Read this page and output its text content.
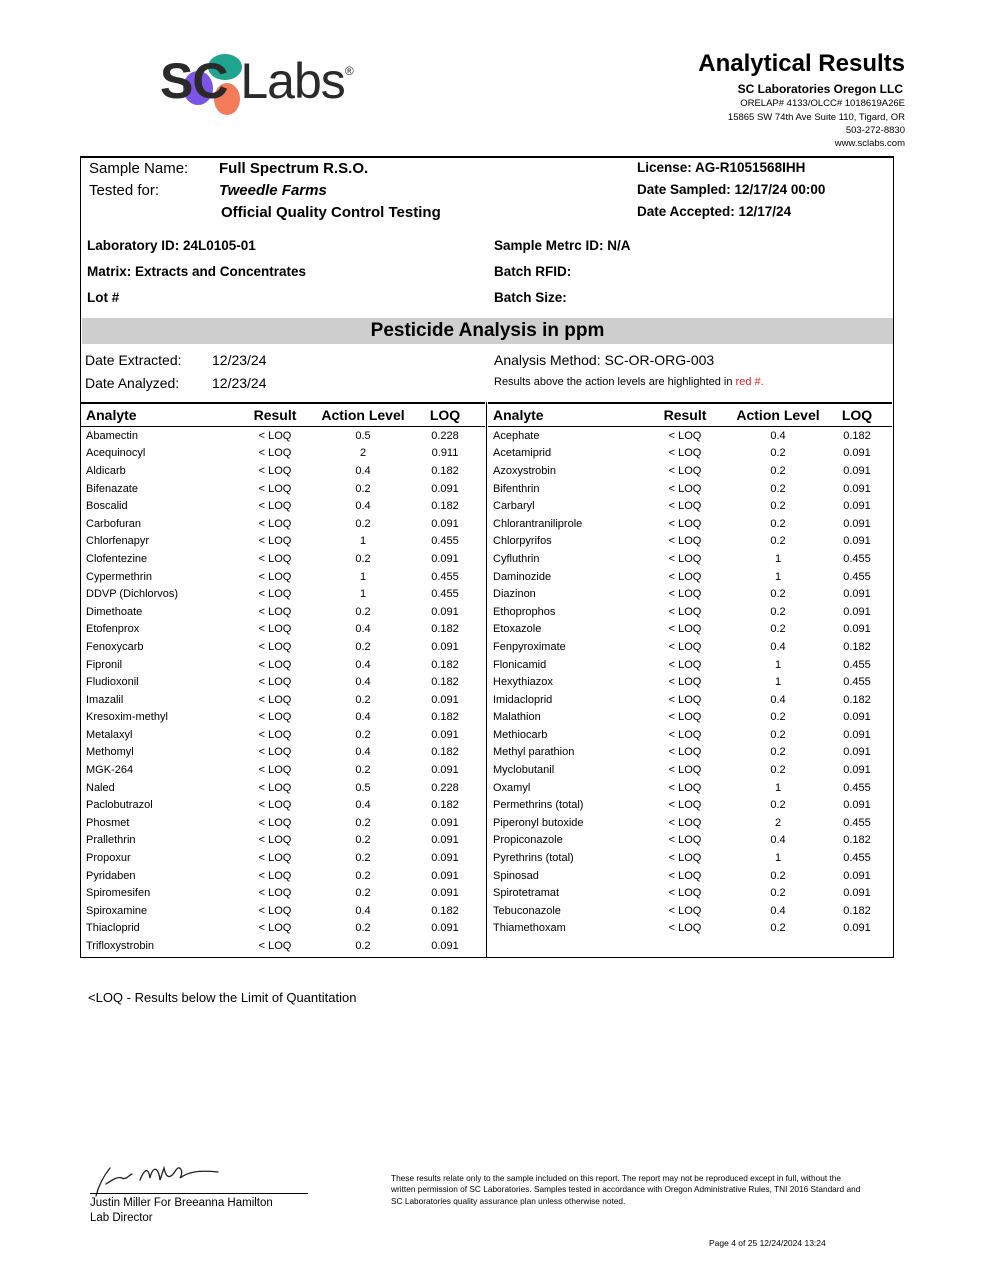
SC Labs®	Analytical Results
SC Laboratories Oregon LLC
ORELAP# 4133/OLCC# 1018619A26E
15865 SW 74th Ave Suite 110, Tigard, OR
503-272-8830
www.sclabs.com
Sample Name: Full Spectrum R.S.O.
Tested for:	Tweedle Farms
Official Quality Control Testing
License: AG-R1051568IHH
Date Sampled: 12/17/24 00:00
Date Accepted: 12/17/24
Laboratory ID: 24L0105-01	Sample Metrc ID: N/A
Matrix: Extracts and Concentrates	Batch RFID:
Lot #	Batch Size:
Pesticide Analysis in ppm
Date Extracted: 12/23/24
Date Analyzed: 12/23/24
Analysis Method: SC-OR-ORG-003
Results above the action levels are highlighted in red #.
Analyte	Result	Action Level	LOQ
Abamectin	< LOQ	0.5	0.228
Acequinocyl	< LOQ	2	0.911
Aldicarb	< LOQ	0.4	0.182
Bifenazate	< LOQ	0.2	0.091
Boscalid	< LOQ	0.4	0.182
Carbofuran	< LOQ	0.2	0.091
Chlorfenapyr	< LOQ	1	0.455
Clofentezine	< LOQ	0.2	0.091
Cypermethrin	< LOQ	1	0.455
DDVP (Dichlorvos)	< LOQ	1	0.455
Dimethoate	< LOQ	0.2	0.091
Etofenprox	< LOQ	0.4	0.182
Fenoxycarb	< LOQ	0.2	0.091
Fipronil	< LOQ	0.4	0.182
Fludioxonil	< LOQ	0.4	0.182
Imazalil	< LOQ	0.2	0.091
Kresoxim-methyl	< LOQ	0.4	0.182
Metalaxyl	< LOQ	0.2	0.091
Methomyl	< LOQ	0.4	0.182
MGK-264	< LOQ	0.2	0.091
Naled	< LOQ	0.5	0.228
Paclobutrazol	< LOQ	0.4	0.182
Phosmet	< LOQ	0.2	0.091
Prallethrin	< LOQ	0.2	0.091
Propoxur	< LOQ	0.2	0.091
Pyridaben	< LOQ	0.2	0.091
Spiromesifen	< LOQ	0.2	0.091
Spiroxamine	< LOQ	0.4	0.182
Thiacloprid	< LOQ	0.2	0.091
Trifloxystrobin	< LOQ	0.2	0.091
Analyte	Result	Action Level	LOQ
Acephate	< LOQ	0.4	0.182
Acetamiprid	< LOQ	0.2	0.091
Azoxystrobin	< LOQ	0.2	0.091
Bifenthrin	< LOQ	0.2	0.091
Carbaryl	< LOQ	0.2	0.091
Chlorantraniliprole	< LOQ	0.2	0.091
Chlorpyrifos	< LOQ	0.2	0.091
Cyfluthrin	< LOQ	1	0.455
Daminozide	< LOQ	1	0.455
Diazinon	< LOQ	0.2	0.091
Ethoprophos	< LOQ	0.2	0.091
Etoxazole	< LOQ	0.2	0.091
Fenpyroximate	< LOQ	0.4	0.182
Flonicamid	< LOQ	1	0.455
Hexythiazox	< LOQ	1	0.455
Imidacloprid	< LOQ	0.4	0.182
Malathion	< LOQ	0.2	0.091
Methiocarb	< LOQ	0.2	0.091
Methyl parathion	< LOQ	0.2	0.091
Myclobutanil	< LOQ	0.2	0.091
Oxamyl	< LOQ	1	0.455
Permethrins (total)	< LOQ	0.2	0.091
Piperonyl butoxide	< LOQ	2	0.455
Propiconazole	< LOQ	0.4	0.182
Pyrethrins (total)	< LOQ	1	0.455
Spinosad	< LOQ	0.2	0.091
Spirotetramat	< LOQ	0.2	0.091
Tebuconazole	< LOQ	0.4	0.182
Thiamethoxam	< LOQ	0.2	0.091
<LOQ - Results below the Limit of Quantitation
Justin Miller For Breeanna Hamilton
Lab Director
These results relate only to the sample included on this report. The report may not be reproduced except in full, without the written permission of SC Laboratories. Samples tested in accordance with Oregon Administrative Rules, TNI 2016 Standard and SC Laboratories quality assurance plan unless otherwise noted.
Page 4 of 25 12/24/2024 13:24
